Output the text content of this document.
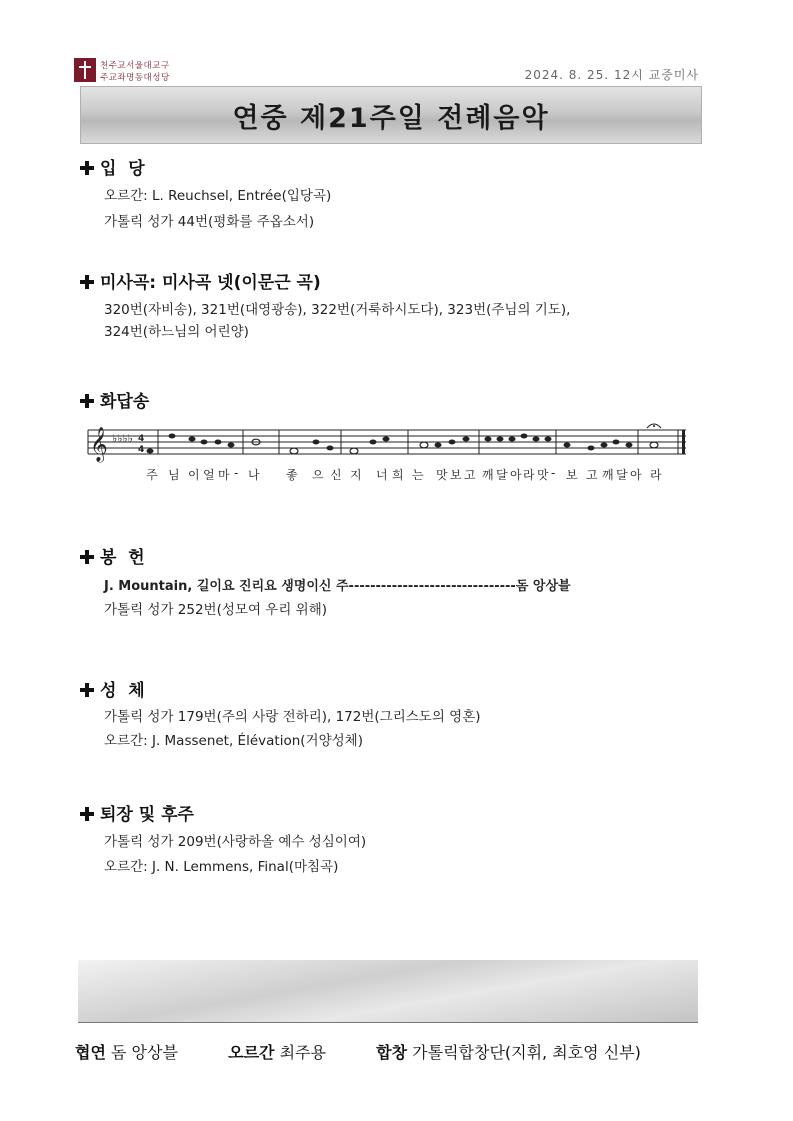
천주교서울대교구
주교좌명동대성당	2024. 8. 25. 12시 교중미사
연중 제21주일 전례음악
입  당
오르간: L. Reuchsel, Entrée(입당곡)
가톨릭 성가 44번(평화를 주옵소서)
미사곡: 미사곡 넷(이문근 곡)
320번(자비송), 321번(대영광송), 322번(거룩하시도다), 323번(주님의 기도),
324번(하느님의 어린양)
화답송
𝄞 ♭♭♭♭ 4
4
주 님 이 얼 마 - 나 좋 으 신 지 너 희 는 맛 보 고 깨 달 아 라 맛 - 보 고 깨 달 아 라
봉  헌
J. Mountain, 길이요 진리요 생명이신 주-------------------------------돔 앙상블
가톨릭 성가 252번(성모여 우리 위해)
성  체
가톨릭 성가 179번(주의 사랑 전하리), 172번(그리스도의 영혼)
오르간: J. Massenet, Élévation(거양성체)
퇴장 및 후주
가톨릭 성가 209번(사랑하올 예수 성심이여)
오르간: J. N. Lemmens, Final(마침곡)
협연 돔 앙상블	오르간 최주용	합창 가톨릭합창단(지휘, 최호영 신부)
